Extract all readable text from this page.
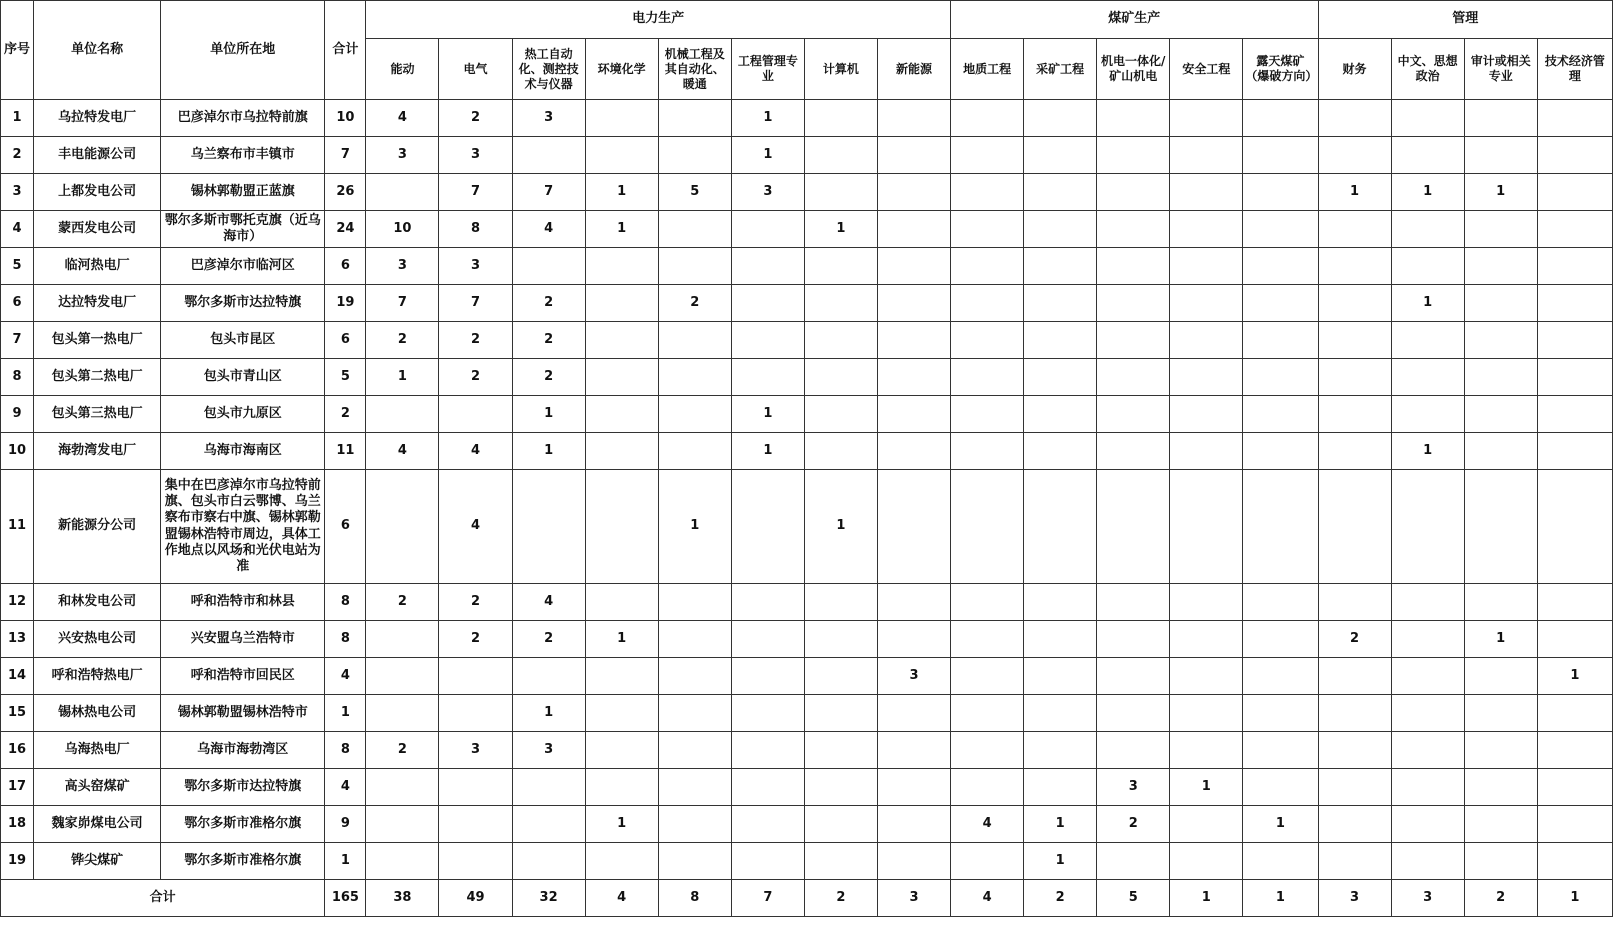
序号	单位名称	单位所在地	合计	电力生产								煤矿生产					管理			
				能动	电气	热工自动化、测控技术与仪器	环境化学	机械工程及其自动化、暖通	工程管理专业	计算机	新能源	地质工程	采矿工程	机电一体化/矿山机电	安全工程	露天煤矿（爆破方向）	财务	中文、思想政治	审计或相关专业	技术经济管理
1	乌拉特发电厂	巴彦淖尔市乌拉特前旗	10	4	2	3			1											
2	丰电能源公司	乌兰察布市丰镇市	7	3	3				1											
3	上都发电公司	锡林郭勒盟正蓝旗	26		7	7	1	5	3								1	1	1	
4	蒙西发电公司	鄂尔多斯市鄂托克旗（近乌海市）	24	10	8	4	1			1										
5	临河热电厂	巴彦淖尔市临河区	6	3	3															
6	达拉特发电厂	鄂尔多斯市达拉特旗	19	7	7	2		2										1		
7	包头第一热电厂	包头市昆区	6	2	2	2														
8	包头第二热电厂	包头市青山区	5	1	2	2														
9	包头第三热电厂	包头市九原区	2			1			1											
10	海勃湾发电厂	乌海市海南区	11	4	4	1			1									1		
11	新能源分公司	集中在巴彦淖尔市乌拉特前旗、包头市白云鄂博、乌兰察布市察右中旗、锡林郭勒盟锡林浩特市周边，具体工作地点以风场和光伏电站为准	6		4			1		1										
12	和林发电公司	呼和浩特市和林县	8	2	2	4														
13	兴安热电公司	兴安盟乌兰浩特市	8		2	2	1										2		1	
14	呼和浩特热电厂	呼和浩特市回民区	4								3									1
15	锡林热电公司	锡林郭勒盟锡林浩特市	1			1														
16	乌海热电厂	乌海市海勃湾区	8	2	3	3														
17	高头窑煤矿	鄂尔多斯市达拉特旗	4											3	1					
18	魏家峁煤电公司	鄂尔多斯市准格尔旗	9				1					4	1	2		1				
19	铧尖煤矿	鄂尔多斯市准格尔旗	1										1							
合计			165	38	49	32	4	8	7	2	3	4	2	5	1	1	3	3	2	1
